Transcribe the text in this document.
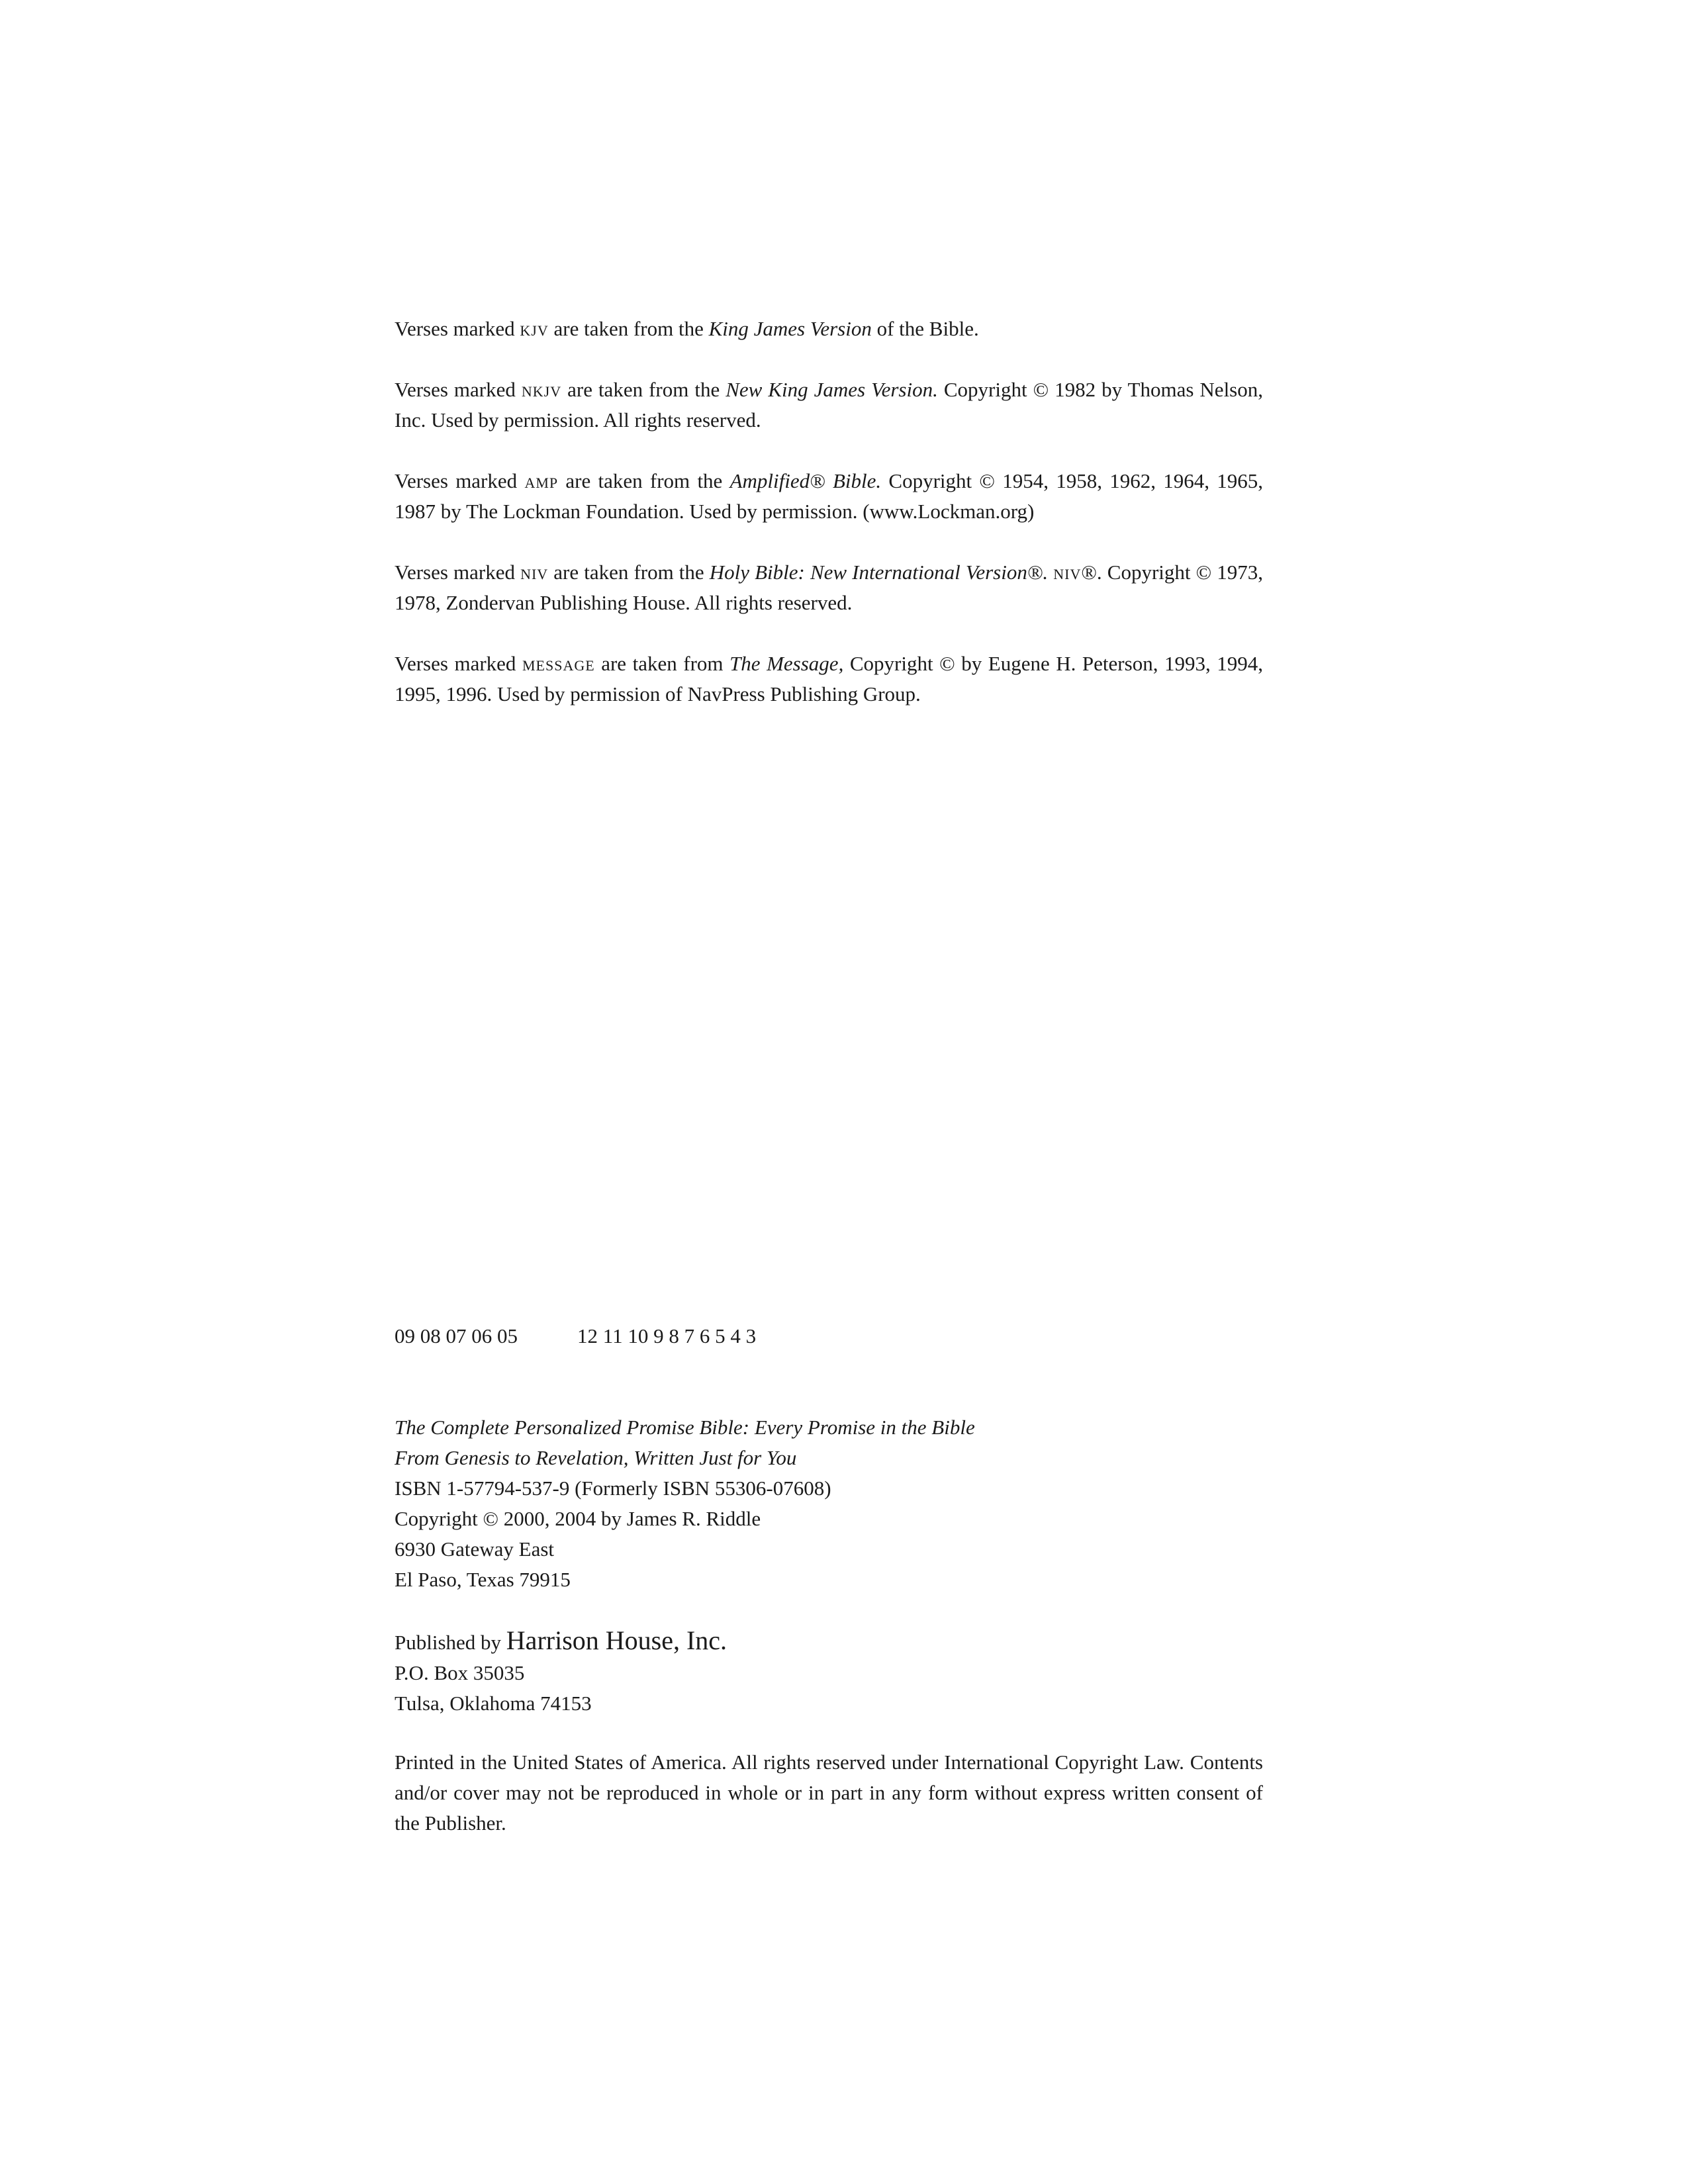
Verses marked kjv are taken from the King James Version of the Bible.

Verses marked nkjv are taken from the New King James Version. Copyright © 1982 by Thomas Nelson, Inc. Used by permission. All rights reserved.

Verses marked amp are taken from the Amplified® Bible. Copyright © 1954, 1958, 1962, 1964, 1965, 1987 by The Lockman Foundation. Used by permission. (www.Lockman.org)

Verses marked niv are taken from the Holy Bible: New International Version®. niv®. Copyright © 1973, 1978, Zondervan Publishing House. All rights reserved.

Verses marked message are taken from The Message, Copyright © by Eugene H. Peterson, 1993, 1994, 1995, 1996. Used by permission of NavPress Publishing Group.

09 08 07 06 05	12 11 10 9 8 7 6 5 4 3
The Complete Personalized Promise Bible: Every Promise in the Bible
From Genesis to Revelation, Written Just for You
ISBN 1-57794-537-9 (Formerly ISBN 55306-07608)
Copyright © 2000, 2004 by James R. Riddle
6930 Gateway East
El Paso, Texas 79915
Published by Harrison House, Inc.
P.O. Box 35035
Tulsa, Oklahoma 74153

Printed in the United States of America. All rights reserved under International Copyright Law. Contents and/or cover may not be reproduced in whole or in part in any form without express written consent of the Publisher.
